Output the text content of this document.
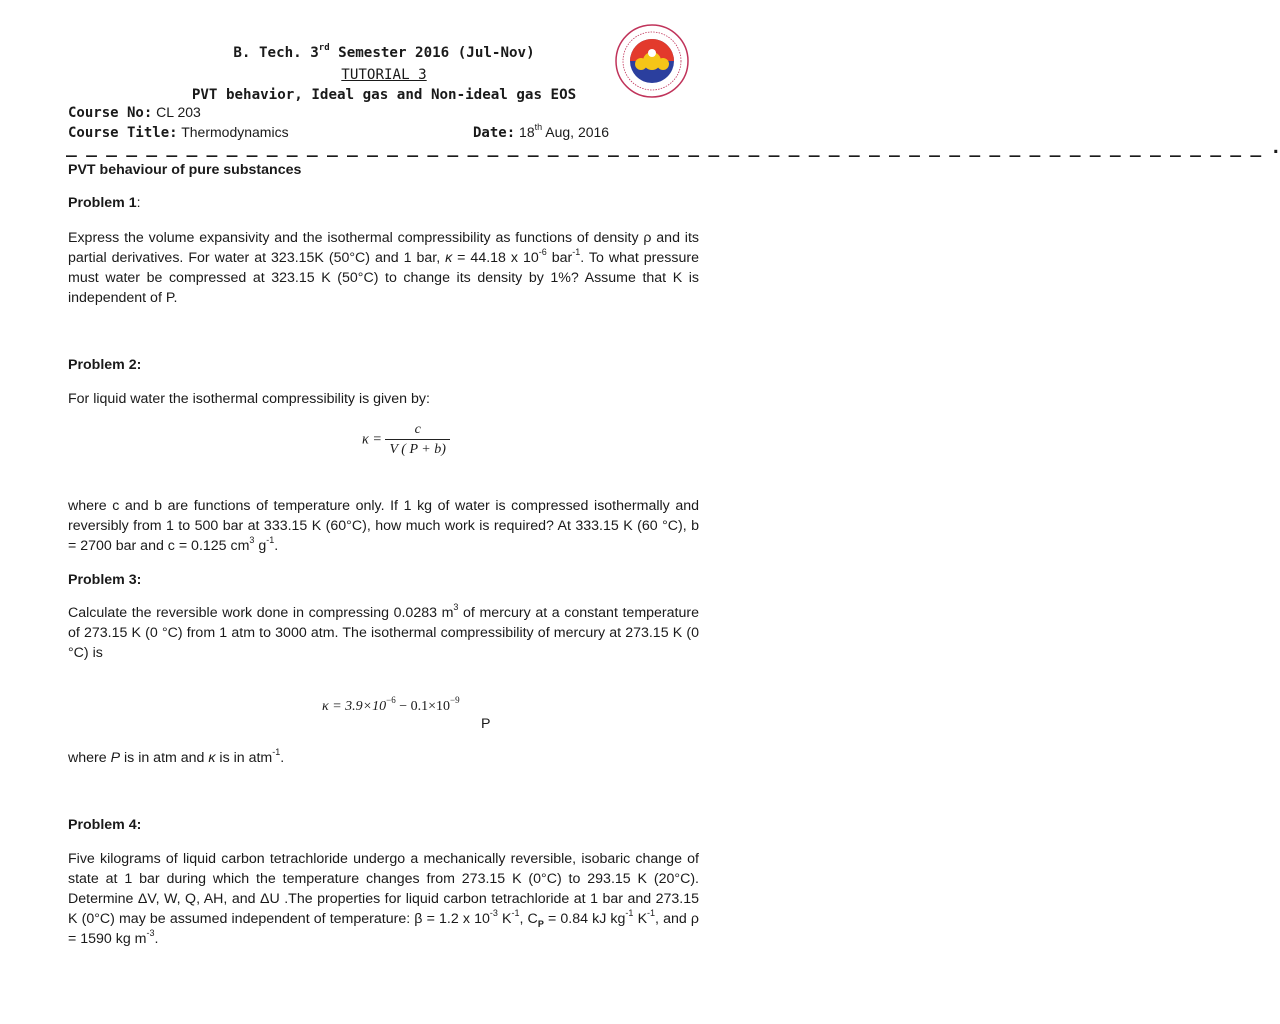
B. Tech. 3rd Semester 2016 (Jul-Nov)
TUTORIAL 3
PVT behavior, Ideal gas and Non-ideal gas EOS
Course No: CL 203
Course Title: Thermodynamics	Date: 18th Aug, 2016
_ _ _ _ _ _ _ _ _ _ _ _ _ _ _ _ _ _ _ _ _ _ _ _ _ _ _ _ _ _ _ _ _ _ _ _ _ _ _ _ _ _ _ _ _ _ _ _ _ _ _ _ _ _ _ _ _ _ _ _ .
PVT behaviour of pure substances
Problem 1:
Express the volume expansivity and the isothermal compressibility as functions of density ρ and its partial derivatives. For water at 323.15K (50°C) and 1 bar, κ = 44.18 x $10^{-6}$ bar$^{-1}$. To what pressure must water be compressed at 323.15 K (50°C) to change its density by 1%? Assume that K is independent of P.
Problem 2:
For liquid water the isothermal compressibility is given by:
$\kappa = \frac{c}{V ( P + b)}$
where c and b are functions of temperature only. If 1 kg of water is compressed isothermally and reversibly from 1 to 500 bar at 333.15 K (60°C), how much work is required? At 333.15 K (60 °C), b = 2700 bar and c = 0.125 $cm^3$ $g^{-1}$.
Problem 3:
Calculate the reversible work done in compressing 0.0283 $m^3$ of mercury at a constant temperature of 273.15 K (0 °C) from 1 atm to 3000 atm. The isothermal compressibility of mercury at 273.15 K (0 °C) is
$\kappa = 3.9\times 10^{-6} - 0.1\times 10^{-9}$
P
where P is in atm and κ is in atm$^{-1}$.
Problem 4:
Five kilograms of liquid carbon tetrachloride undergo a mechanically reversible, isobaric change of state at 1 bar during which the temperature changes from 273.15 K (0°C) to 293.15 K (20°C). Determine ΔV, W, Q, AH, and ΔU .The properties for liquid carbon tetrachloride at 1 bar and 273.15 K (0°C) may be assumed independent of temperature: β = 1.2 x $10^{-3}$ $K^{-1}$, $C_P = 0.84$ kJ $kg^{-1}$ $K^{-1}$, and ρ = 1590 kg $m^{-3}$.
